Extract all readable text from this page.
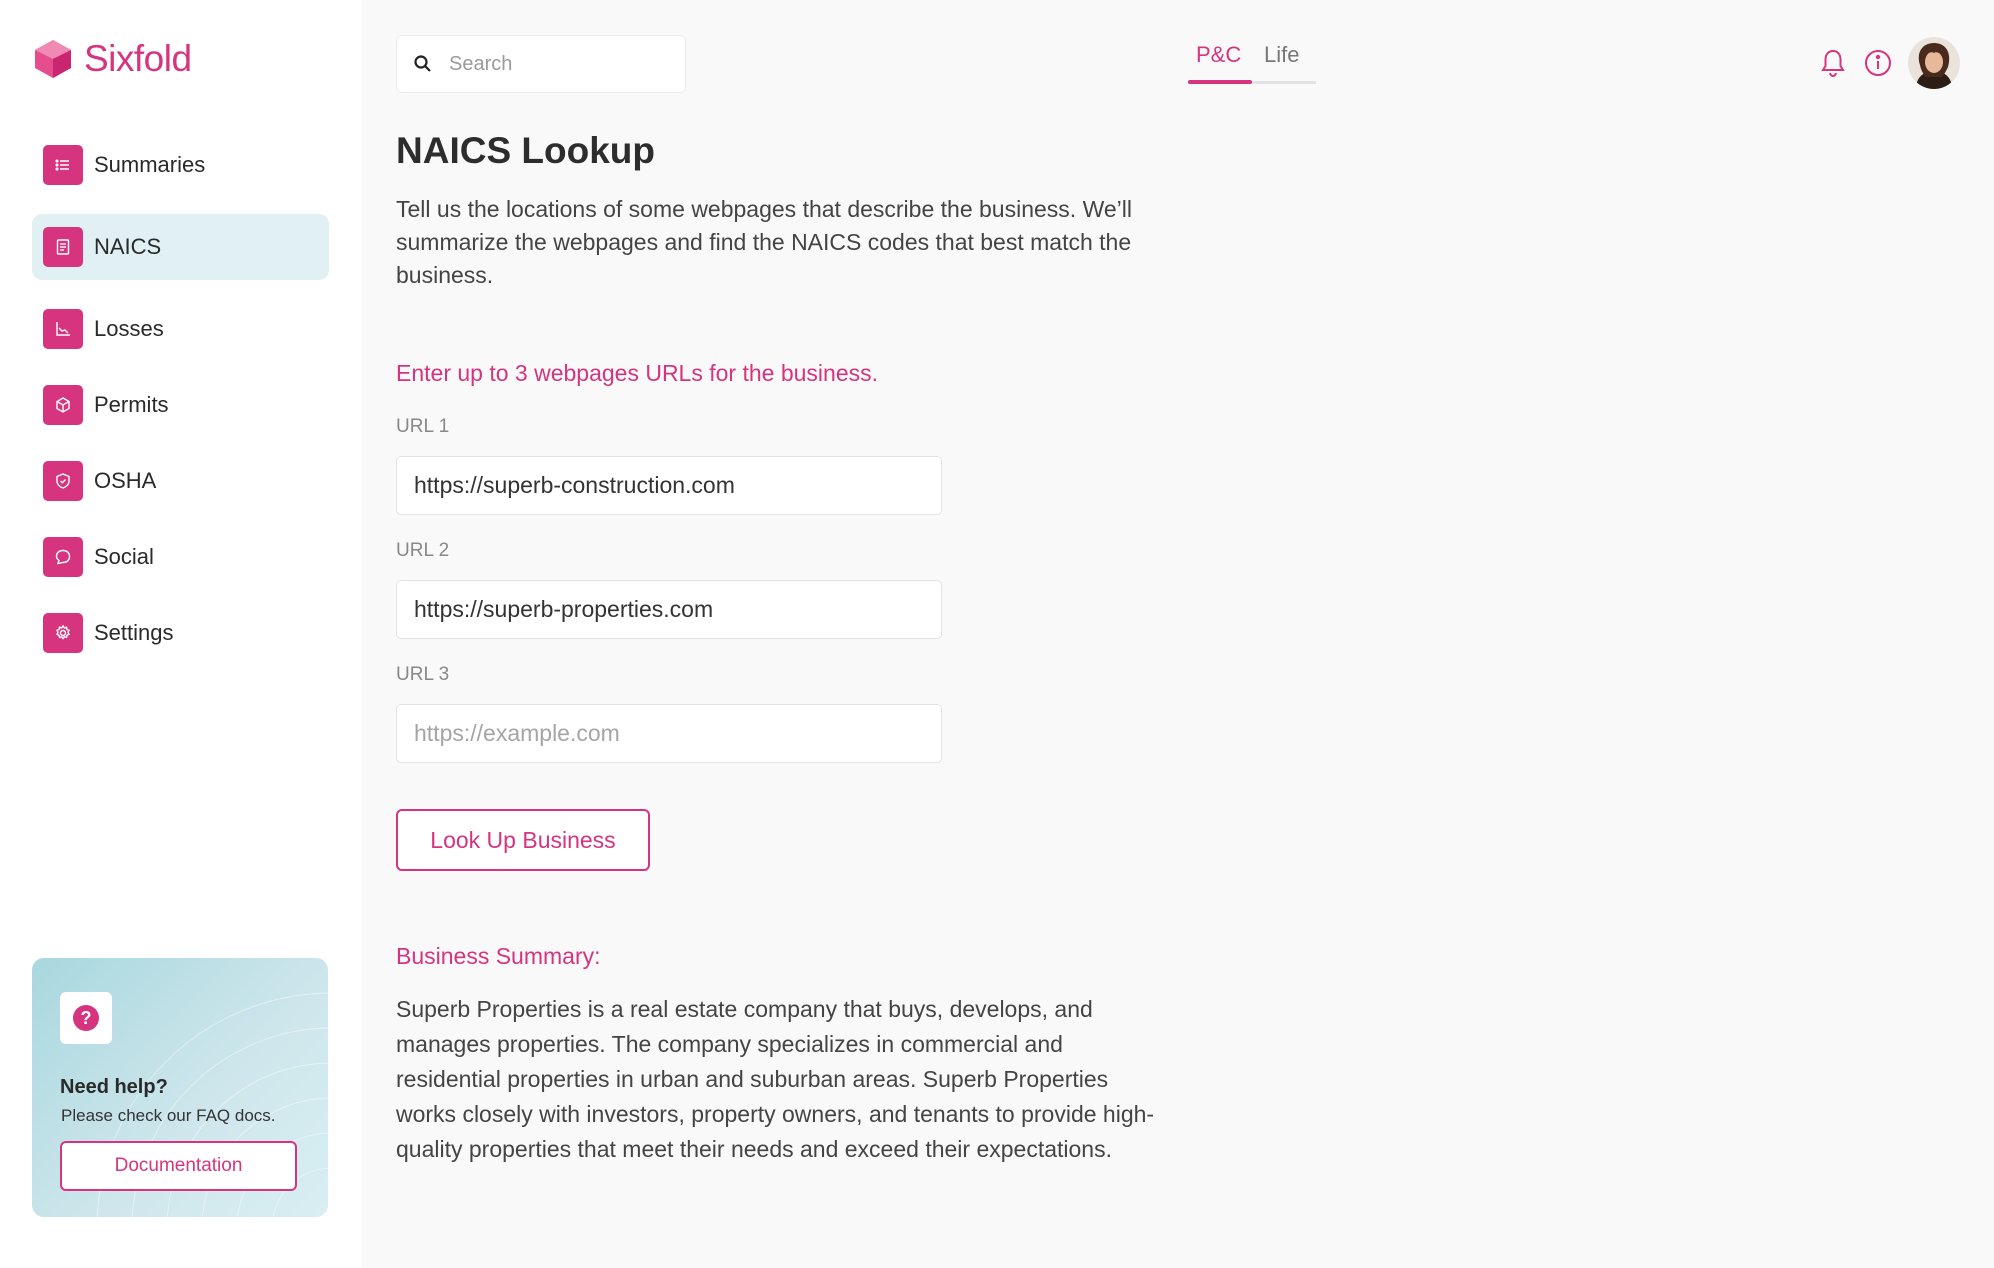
Sixfold
Summaries
NAICS
Losses
Permits
OSHA
Social
Settings
?
Need help?
Please check our FAQ docs.
Documentation
Search
P&C Life
NAICS Lookup

Tell us the locations of some webpages that describe the business. We’ll summarize the webpages and find the NAICS codes that best match the business.

Enter up to 3 webpages URLs for the business.
URL 1
https://superb-construction.com
URL 2
https://superb-properties.com
URL 3
https://example.com
Look Up Business
Business Summary:

Superb Properties is a real estate company that buys, develops, and manages properties. The company specializes in commercial and residential properties in urban and suburban areas. Superb Properties works closely with investors, property owners, and tenants to provide high-quality properties that meet their needs and exceed their expectations.
